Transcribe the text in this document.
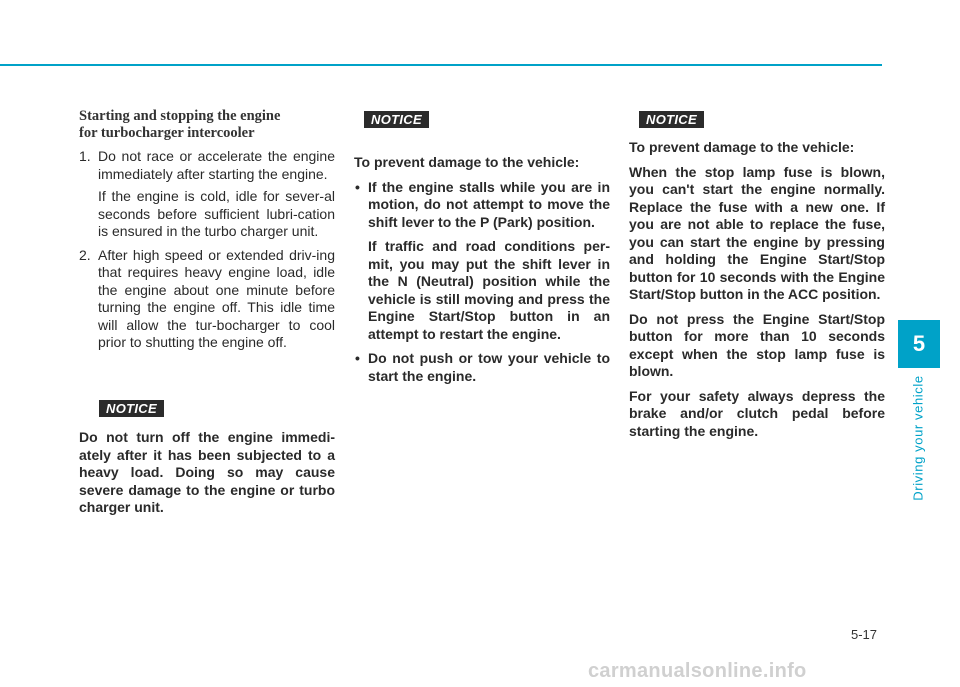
Starting and stopping the engine
for turbocharger intercooler
1. Do not race or accelerate the engine immediately after starting the engine.

If the engine is cold, idle for sever-al seconds before sufficient lubri-cation is ensured in the turbo charger unit.

2. After high speed or extended driv-ing that requires heavy engine load, idle the engine about one minute before turning the engine off. This idle time will allow the tur-bocharger to cool prior to shutting the engine off.

NOTICE

Do not turn off the engine immedi-ately after it has been subjected to a heavy load. Doing so may cause severe damage to the engine or turbo charger unit.

NOTICE

To prevent damage to the vehicle:

• If the engine stalls while you are in motion, do not attempt to move the shift lever to the P (Park) position.

If traffic and road conditions per-mit, you may put the shift lever in the N (Neutral) position while the vehicle is still moving and press the Engine Start/Stop button in an attempt to restart the engine.

• Do not push or tow your vehicle to start the engine.

NOTICE

To prevent damage to the vehicle:

When the stop lamp fuse is blown, you can't start the engine normally. Replace the fuse with a new one. If you are not able to replace the fuse, you can start the engine by pressing and holding the Engine Start/Stop button for 10 seconds with the Engine Start/Stop button in the ACC position.

Do not press the Engine Start/Stop button for more than 10 seconds except when the stop lamp fuse is blown.

For your safety always depress the brake and/or clutch pedal before starting the engine.

5
Driving your vehicle
5-17
carmanualsonline.info
